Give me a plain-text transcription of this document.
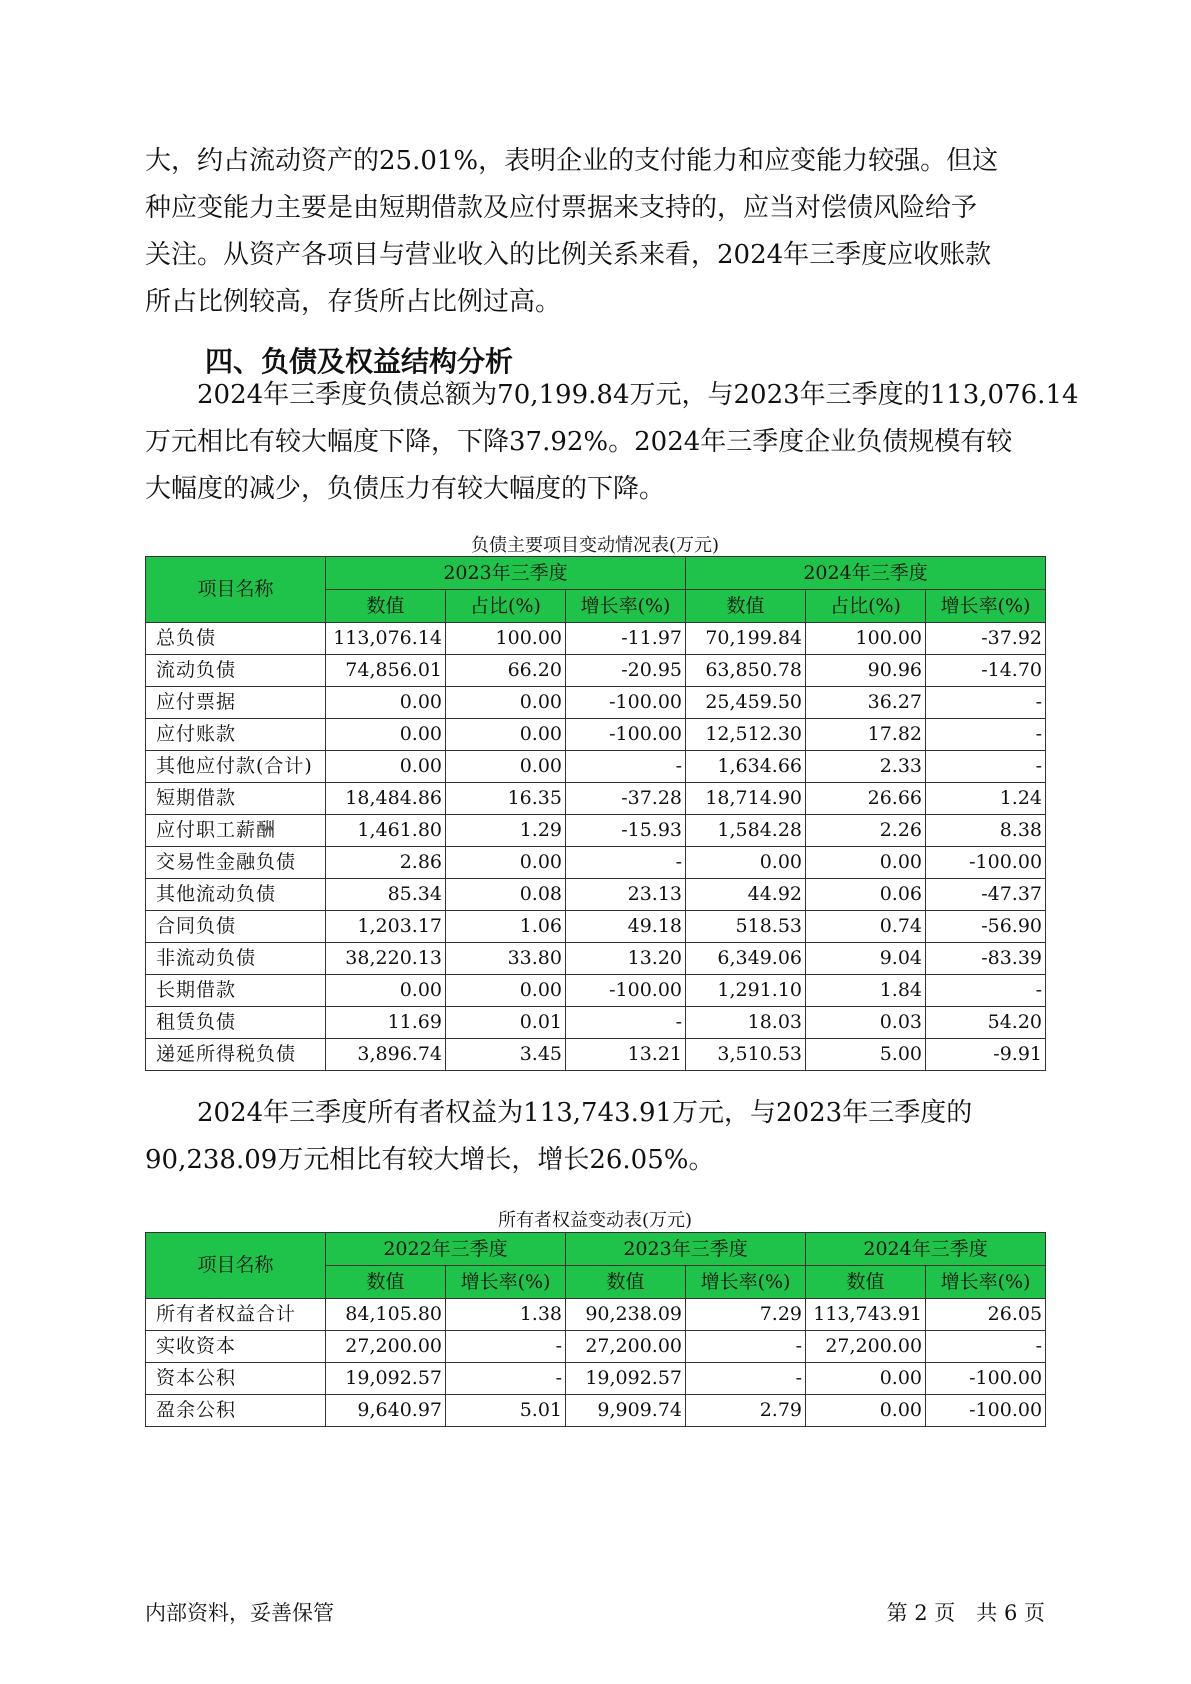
大，约占流动资产的25.01%，表明企业的支付能力和应变能力较强。但这
种应变能力主要是由短期借款及应付票据来支持的，应当对偿债风险给予
关注。从资产各项目与营业收入的比例关系来看，2024年三季度应收账款
所占比例较高，存货所占比例过高。
四、负债及权益结构分析
2024年三季度负债总额为70,199.84万元，与2023年三季度的113,076.14
万元相比有较大幅度下降，下降37.92%。2024年三季度企业负债规模有较
大幅度的减少，负债压力有较大幅度的下降。
负债主要项目变动情况表(万元)
项目名称	2023年三季度			2024年三季度		
	数值	占比(%)	增长率(%)	数值	占比(%)	增长率(%)
总负债	113,076.14	100.00	-11.97	70,199.84	100.00	-37.92
流动负债	74,856.01	66.20	-20.95	63,850.78	90.96	-14.70
应付票据	0.00	0.00	-100.00	25,459.50	36.27	-
应付账款	0.00	0.00	-100.00	12,512.30	17.82	-
其他应付款(合计)	0.00	0.00	-	1,634.66	2.33	-
短期借款	18,484.86	16.35	-37.28	18,714.90	26.66	1.24
应付职工薪酬	1,461.80	1.29	-15.93	1,584.28	2.26	8.38
交易性金融负债	2.86	0.00	-	0.00	0.00	-100.00
其他流动负债	85.34	0.08	23.13	44.92	0.06	-47.37
合同负债	1,203.17	1.06	49.18	518.53	0.74	-56.90
非流动负债	38,220.13	33.80	13.20	6,349.06	9.04	-83.39
长期借款	0.00	0.00	-100.00	1,291.10	1.84	-
租赁负债	11.69	0.01	-	18.03	0.03	54.20
递延所得税负债	3,896.74	3.45	13.21	3,510.53	5.00	-9.91
2024年三季度所有者权益为113,743.91万元，与2023年三季度的
90,238.09万元相比有较大增长，增长26.05%。
所有者权益变动表(万元)
项目名称	2022年三季度		2023年三季度		2024年三季度	
	数值	增长率(%)	数值	增长率(%)	数值	增长率(%)
所有者权益合计	84,105.80	1.38	90,238.09	7.29	113,743.91	26.05
实收资本	27,200.00	-	27,200.00	-	27,200.00	-
资本公积	19,092.57	-	19,092.57	-	0.00	-100.00
盈余公积	9,640.97	5.01	9,909.74	2.79	0.00	-100.00
内部资料，妥善保管	第 2 页　共 6 页
